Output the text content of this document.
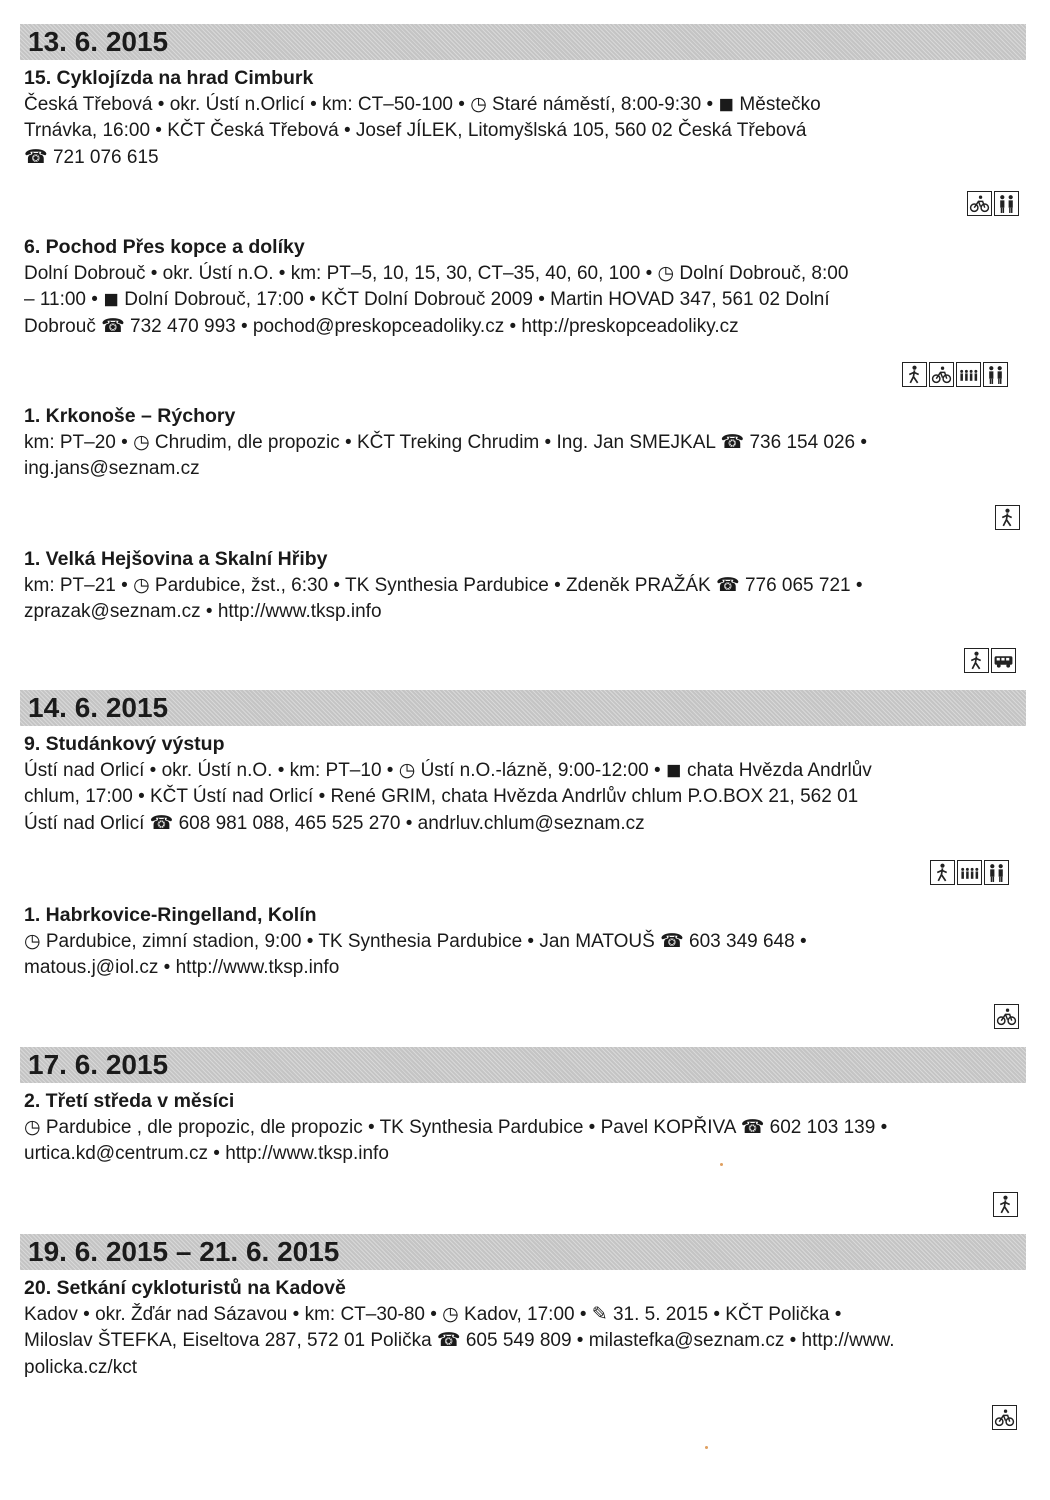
13. 6. 2015
15. Cyklojízda na hrad Cimburk
Česká Třebová • okr. Ústí n.Orlicí • km: CT–50-100 • ◷ Staré náměstí, 8:00-9:30 • ◼ Městečko
Trnávka, 16:00 • KČT Česká Třebová • Josef JÍLEK, Litomyšlská 105, 560 02 Česká Třebová
☎ 721 076 615
6. Pochod Přes kopce a dolíky
Dolní Dobrouč • okr. Ústí n.O. • km: PT–5, 10, 15, 30, CT–35, 40, 60, 100 • ◷ Dolní Dobrouč, 8:00
– 11:00 • ◼ Dolní Dobrouč, 17:00 • KČT Dolní Dobrouč 2009 • Martin HOVAD 347, 561 02 Dolní
Dobrouč ☎ 732 470 993 • pochod@preskopceadoliky.cz • http://preskopceadoliky.cz
1. Krkonoše – Rýchory
km: PT–20 • ◷ Chrudim, dle propozic • KČT Treking Chrudim • Ing. Jan SMEJKAL ☎ 736 154 026 •
ing.jans@seznam.cz
1. Velká Hejšovina a Skalní Hřiby
km: PT–21 • ◷ Pardubice, žst., 6:30 • TK Synthesia Pardubice • Zdeněk PRAŽÁK ☎ 776 065 721 •
zprazak@seznam.cz • http://www.tksp.info
14. 6. 2015
9. Studánkový výstup
Ústí nad Orlicí • okr. Ústí n.O. • km: PT–10 • ◷ Ústí n.O.-lázně, 9:00-12:00 • ◼ chata Hvězda Andrlův
chlum, 17:00 • KČT Ústí nad Orlicí • René GRIM, chata Hvězda Andrlův chlum P.O.BOX 21, 562 01
Ústí nad Orlicí ☎ 608 981 088, 465 525 270 • andrluv.chlum@seznam.cz
1. Habrkovice-Ringelland, Kolín
◷ Pardubice, zimní stadion, 9:00 • TK Synthesia Pardubice • Jan MATOUŠ ☎ 603 349 648 •
matous.j@iol.cz • http://www.tksp.info
17. 6. 2015
2. Třetí středa v měsíci
◷ Pardubice , dle propozic, dle propozic • TK Synthesia Pardubice • Pavel KOPŘIVA ☎ 602 103 139 •
urtica.kd@centrum.cz • http://www.tksp.info
19. 6. 2015 – 21. 6. 2015
20. Setkání cykloturistů na Kadově
Kadov • okr. Žďár nad Sázavou • km: CT–30-80 • ◷ Kadov, 17:00 • ✎ 31. 5. 2015 • KČT Polička •
Miloslav ŠTEFKA, Eiseltova 287, 572 01 Polička ☎ 605 549 809 • milastefka@seznam.cz • http://www.
policka.cz/kct
